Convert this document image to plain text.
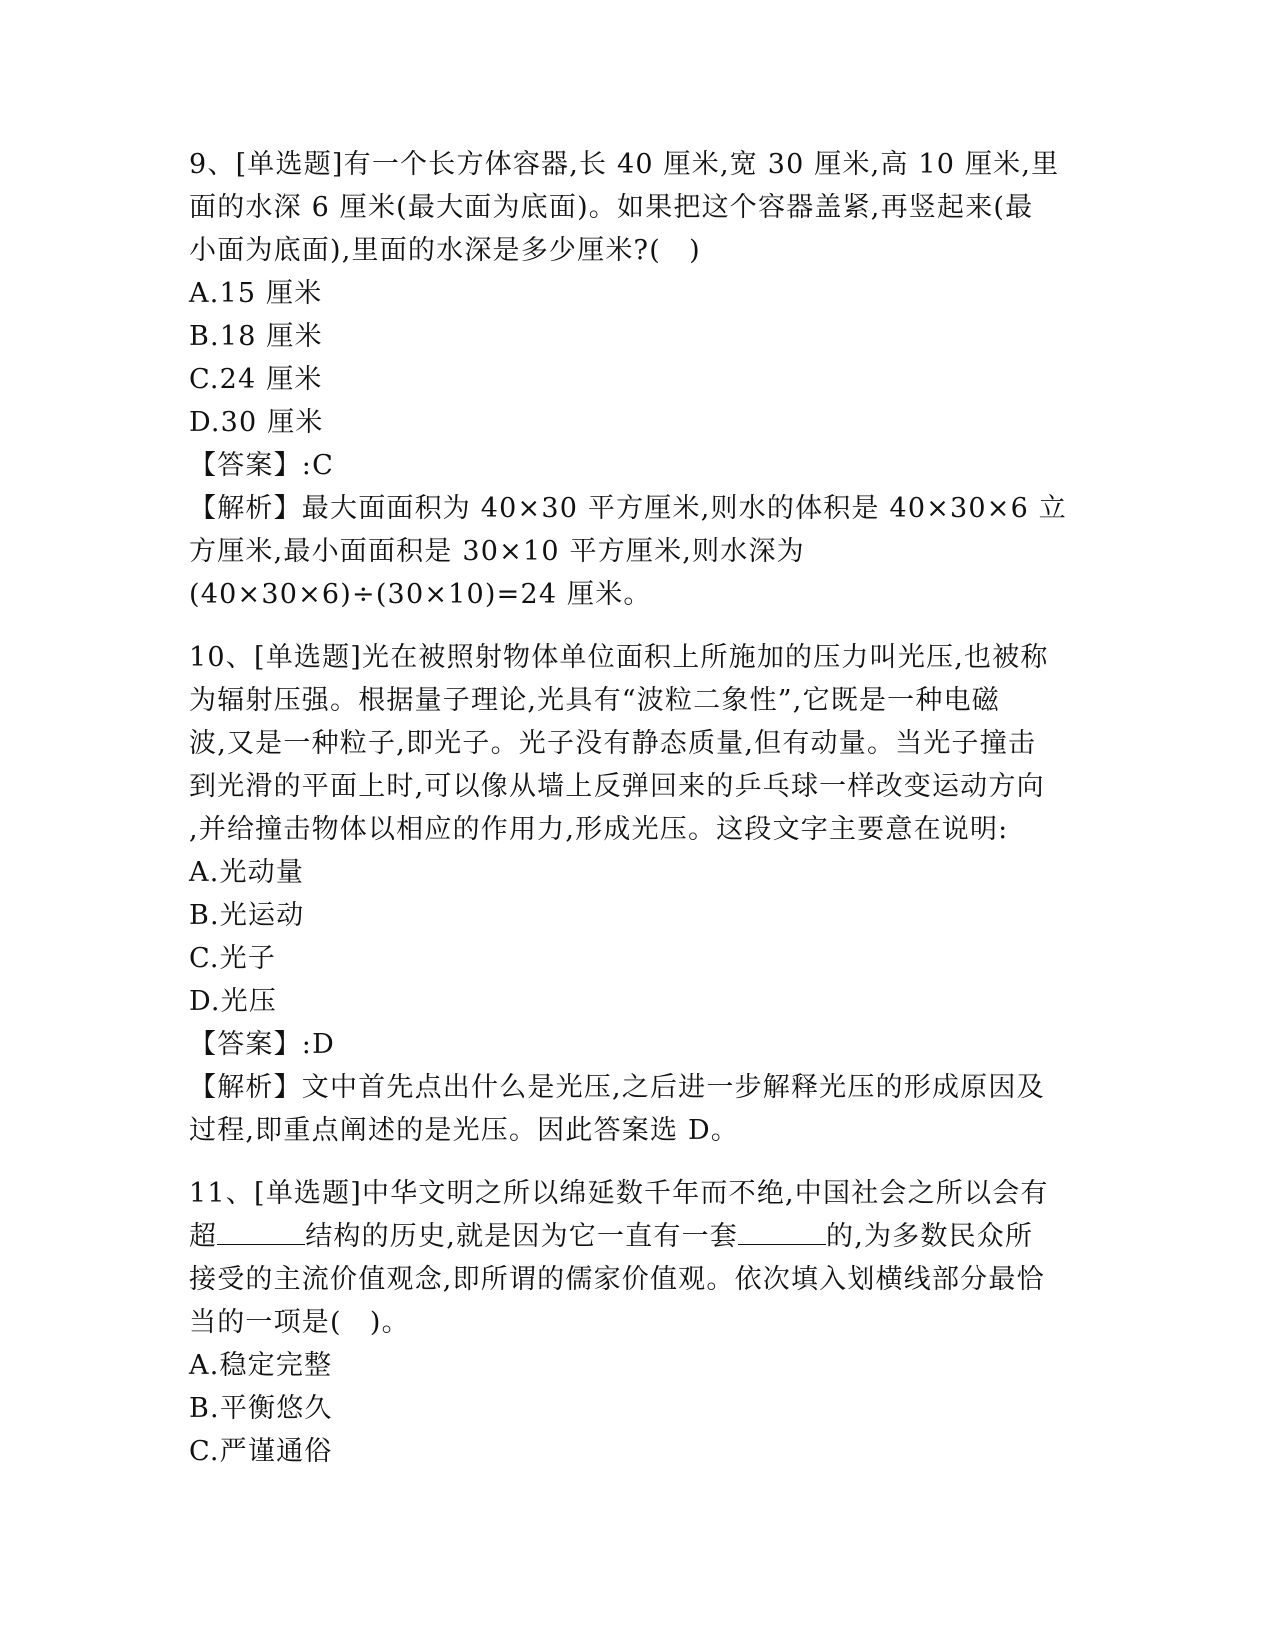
9、[单选题]有一个长方体容器,长 40 厘米,宽 30 厘米,高 10 厘米,里
面的水深 6 厘米(最大面为底面)。如果把这个容器盖紧,再竖起来(最
小面为底面),里面的水深是多少厘米?(　)
A.15 厘米
B.18 厘米
C.24 厘米
D.30 厘米
【答案】:C
【解析】最大面面积为 40×30 平方厘米,则水的体积是 40×30×6 立
方厘米,最小面面积是 30×10 平方厘米,则水深为
(40×30×6)÷(30×10)=24 厘米。
10、[单选题]光在被照射物体单位面积上所施加的压力叫光压,也被称
为辐射压强。根据量子理论,光具有“波粒二象性”,它既是一种电磁
波,又是一种粒子,即光子。光子没有静态质量,但有动量。当光子撞击
到光滑的平面上时,可以像从墙上反弹回来的乒乓球一样改变运动方向
,并给撞击物体以相应的作用力,形成光压。这段文字主要意在说明:
A.光动量
B.光运动
C.光子
D.光压
【答案】:D
【解析】文中首先点出什么是光压,之后进一步解释光压的形成原因及
过程,即重点阐述的是光压。因此答案选 D。
11、[单选题]中华文明之所以绵延数千年而不绝,中国社会之所以会有
超	结构的历史,就是因为它一直有一套	的,为多数民众所
接受的主流价值观念,即所谓的儒家价值观。依次填入划横线部分最恰
当的一项是(　)。
A.稳定完整
B.平衡悠久
C.严谨通俗
